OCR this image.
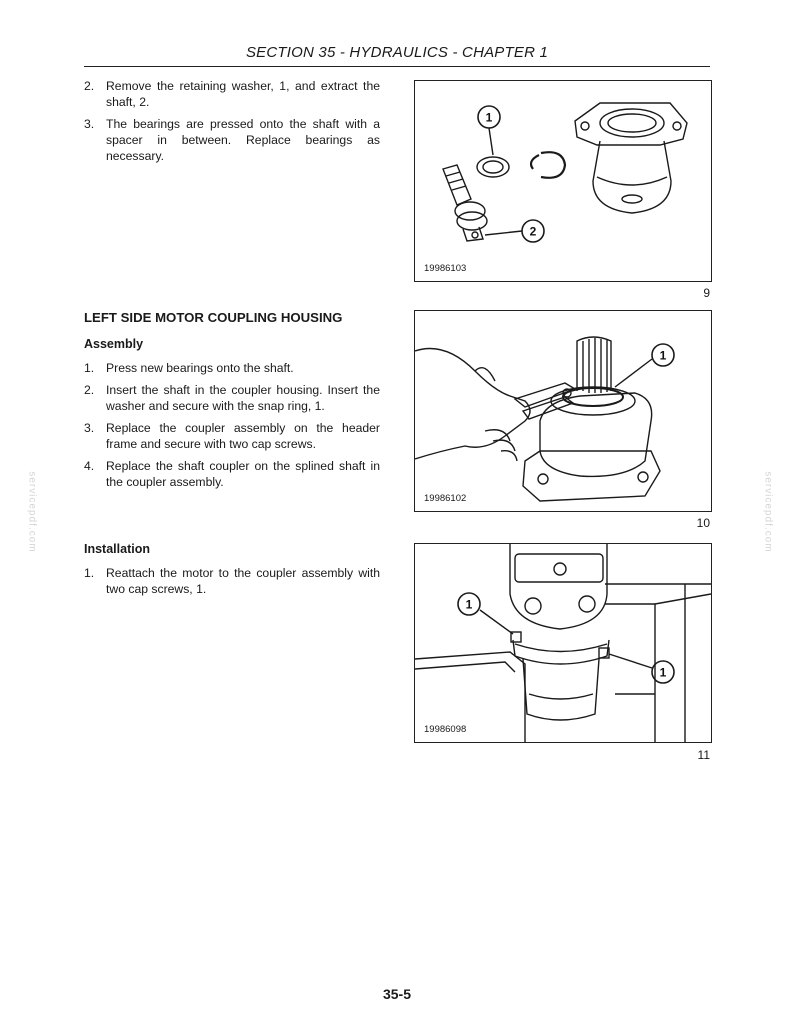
SECTION 35 - HYDRAULICS - CHAPTER 1
2. Remove the retaining washer, 1, and extract the shaft, 2.
3. The bearings are pressed onto the shaft with a spacer in between. Replace bearings as necessary.
LEFT SIDE MOTOR COUPLING HOUSING
Assembly
1. Press new bearings onto the shaft.
2. Insert the shaft in the coupler housing. Insert the washer and secure with the snap ring, 1.
3. Replace the coupler assembly on the header frame and secure with two cap screws.
4. Replace the shaft coupler on the splined shaft in the coupler assembly.
Installation
1. Reattach the motor to the coupler assembly with two cap screws, 1.
1
2
19986103
9
1
19986102
10
1
1
19986098
11
servicepdf.com	servicepdf.com
35-5
